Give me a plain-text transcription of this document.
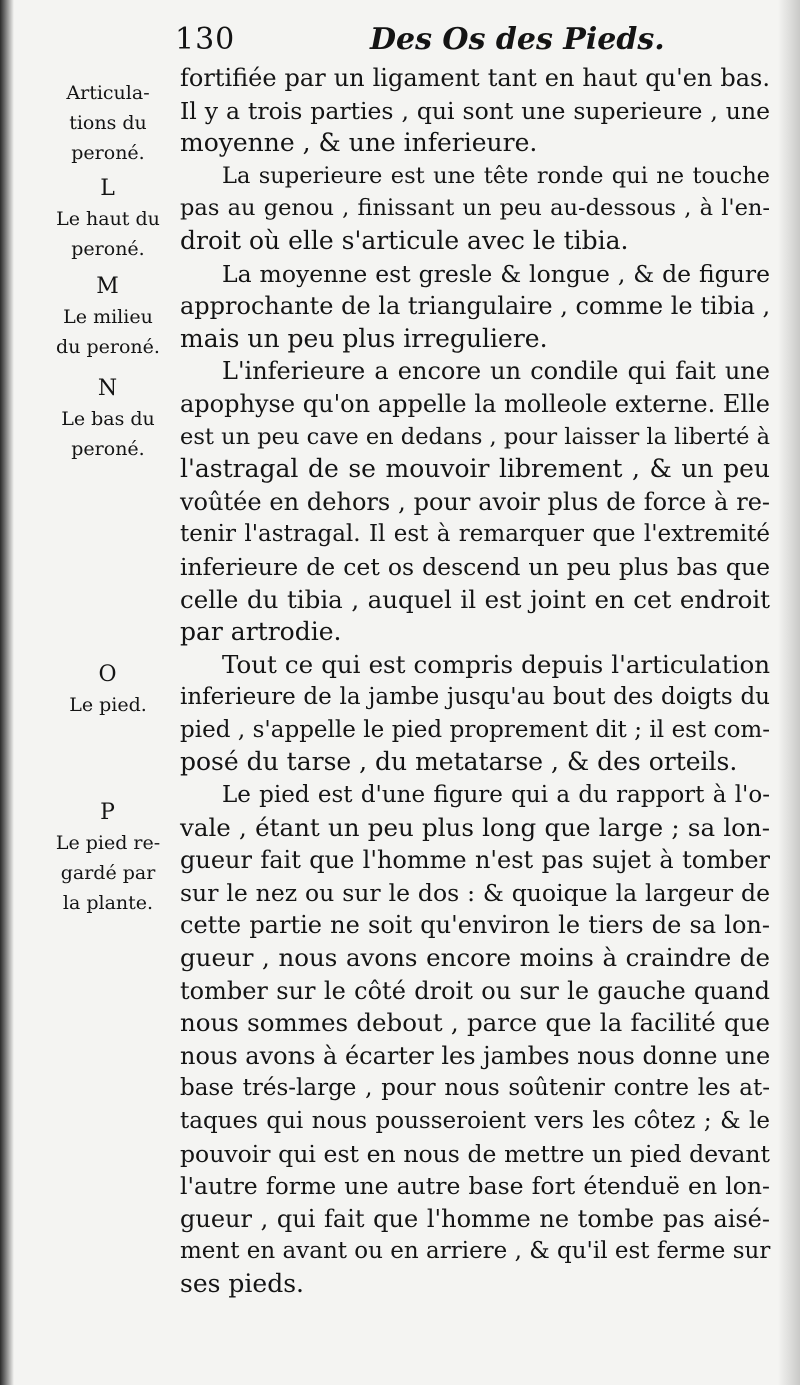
130	Des Os des Pieds.
Articula-
tions du
peroné.
L
Le haut du
peroné.
M
Le milieu
du peroné.
N
Le bas du
peroné.
O
Le pied.
P
Le pied re-
gardé par
la plante.
fortifiée par un ligament tant en haut qu'en bas.
Il y a trois parties , qui sont une superieure , une
moyenne , & une inferieure.
La superieure est une tête ronde qui ne touche
pas au genou , finissant un peu au-dessous , à l'en-
droit où elle s'articule avec le tibia.
La moyenne est gresle & longue , & de figure
approchante de la triangulaire , comme le tibia ,
mais un peu plus irreguliere.
L'inferieure a encore un condile qui fait une
apophyse qu'on appelle la molleole externe. Elle
est un peu cave en dedans , pour laisser la liberté à
l'astragal de se mouvoir librement , & un peu
voûtée en dehors , pour avoir plus de force à re-
tenir l'astragal. Il est à remarquer que l'extremité
inferieure de cet os descend un peu plus bas que
celle du tibia , auquel il est joint en cet endroit
par artrodie.
Tout ce qui est compris depuis l'articulation
inferieure de la jambe jusqu'au bout des doigts du
pied , s'appelle le pied proprement dit ; il est com-
posé du tarse , du metatarse , & des orteils.
Le pied est d'une figure qui a du rapport à l'o-
vale , étant un peu plus long que large ; sa lon-
gueur fait que l'homme n'est pas sujet à tomber
sur le nez ou sur le dos : & quoique la largeur de
cette partie ne soit qu'environ le tiers de sa lon-
gueur , nous avons encore moins à craindre de
tomber sur le côté droit ou sur le gauche quand
nous sommes debout , parce que la facilité que
nous avons à écarter les jambes nous donne une
base trés-large , pour nous soûtenir contre les at-
taques qui nous pousseroient vers les côtez ; & le
pouvoir qui est en nous de mettre un pied devant
l'autre forme une autre base fort étenduë en lon-
gueur , qui fait que l'homme ne tombe pas aisé-
ment en avant ou en arriere , & qu'il est ferme sur
ses pieds.
